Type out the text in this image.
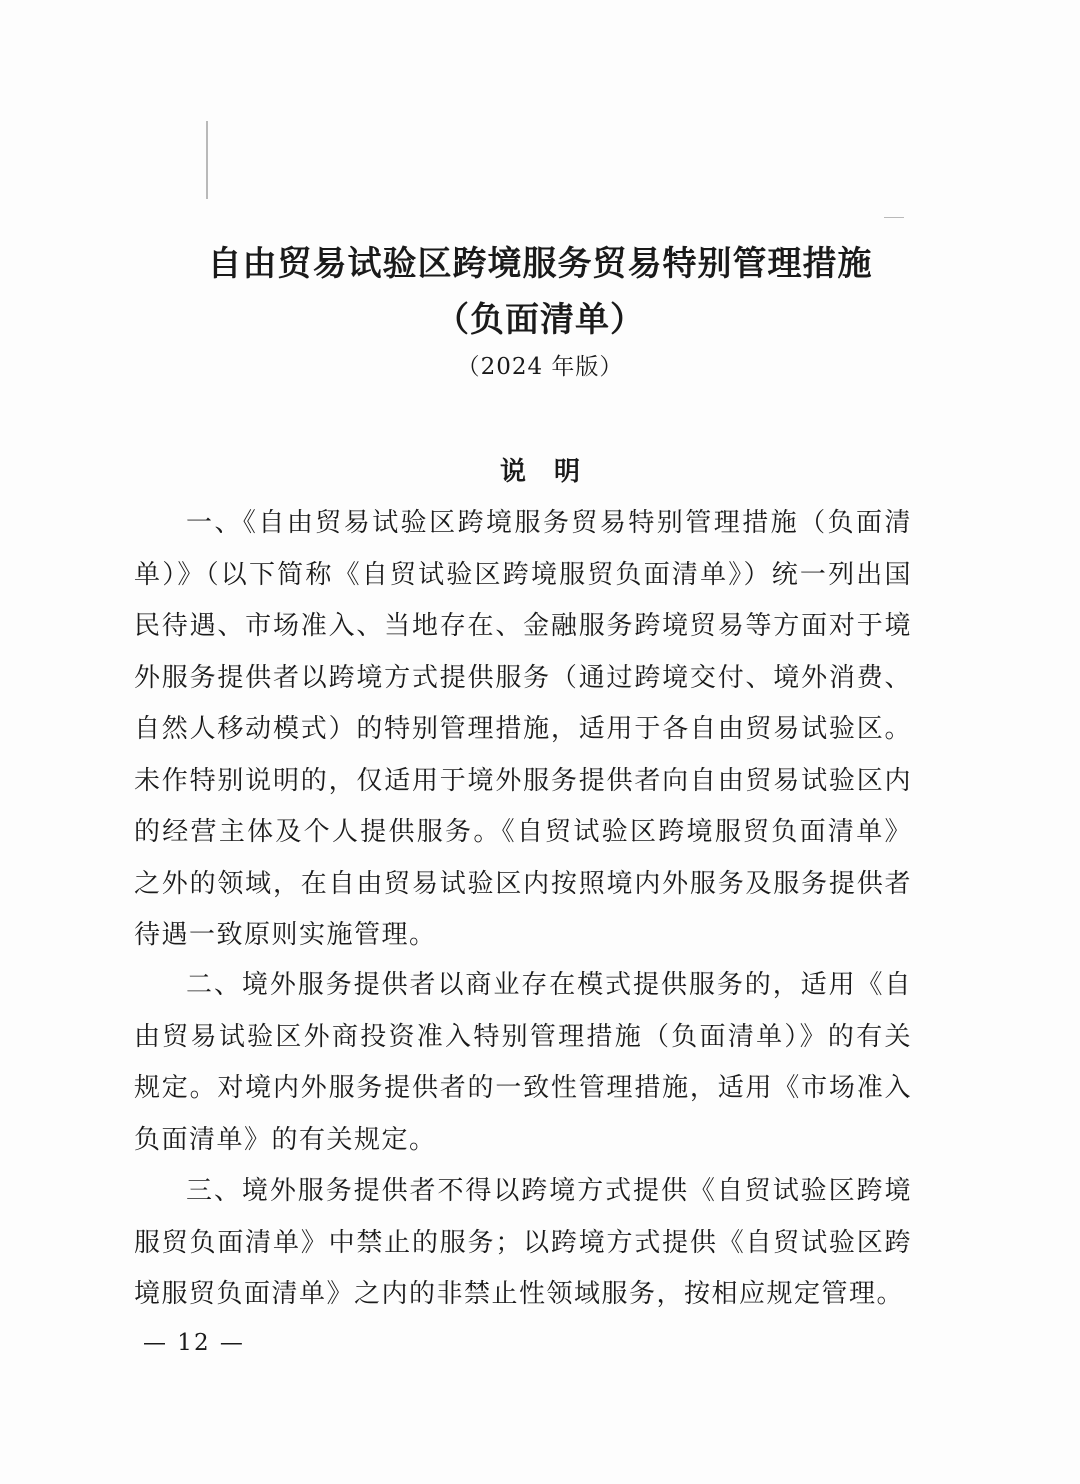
自由贸易试验区跨境服务贸易特别管理措施
（负面清单）

（2024 年版）

说明

一、《自由贸易试验区跨境服务贸易特别管理措施（负面清单）》（以下简称《自贸试验区跨境服贸负面清单》）统一列出国民待遇、市场准入、当地存在、金融服务跨境贸易等方面对于境外服务提供者以跨境方式提供服务（通过跨境交付、境外消费、自然人移动模式）的特别管理措施，适用于各自由贸易试验区。未作特别说明的，仅适用于境外服务提供者向自由贸易试验区内的经营主体及个人提供服务。《自贸试验区跨境服贸负面清单》之外的领域，在自由贸易试验区内按照境内外服务及服务提供者待遇一致原则实施管理。

二、境外服务提供者以商业存在模式提供服务的，适用《自由贸易试验区外商投资准入特别管理措施（负面清单）》的有关规定。对境内外服务提供者的一致性管理措施，适用《市场准入负面清单》的有关规定。

三、境外服务提供者不得以跨境方式提供《自贸试验区跨境服贸负面清单》中禁止的服务；以跨境方式提供《自贸试验区跨境服贸负面清单》之内的非禁止性领域服务，按相应规定管理。

— 12 —
